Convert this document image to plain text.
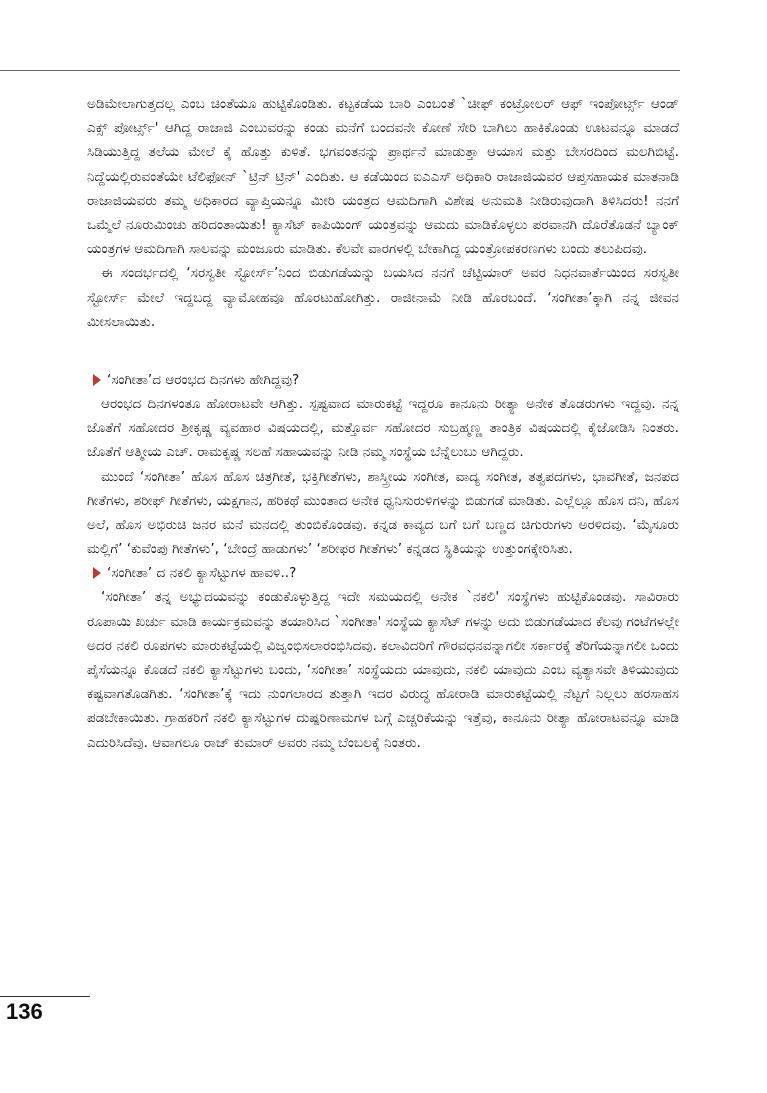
ಅಡಿಮೇಲಾಗುತ್ತದಲ್ಲ ಎಂಬ ಚಿಂತೆಯೂ ಹುಟ್ಟಿಕೊಂಡಿತು. ಕಟ್ಟಕಡೆಯ ಬಾರಿ ಎಂಬಂತೆ `ಚೀಫ್ ಕಂಟ್ರೋಲರ್ ಆಫ್ ಇಂಪೋರ್ಟ್ಸ್ ಆಂಡ್ ಎಕ್ಸ್ ಪೋರ್ಟ್ಸ್' ಆಗಿದ್ದ ರಾಜಾಜಿ ಎಂಬುವರನ್ನು ಕಂಡು ಮನೆಗೆ ಬಂದವನೇ ಕೋಣೆ ಸೇರಿ ಬಾಗಿಲು ಹಾಕಿಕೊಂಡು ಊಟವನ್ನೂ ಮಾಡದೆ ಸಿಡಿಯುತ್ತಿದ್ದ ತಲೆಯ ಮೇಲೆ ಕೈ ಹೊತ್ತು ಕುಳಿತೆ. ಭಗವಂತನನ್ನು ಪ್ರಾರ್ಥನೆ ಮಾಡುತ್ತಾ ಆಯಾಸ ಮತ್ತು ಬೇಸರದಿಂದ ಮಲಗಿಬಿಟ್ಟೆ. ನಿದ್ದೆಯಲ್ಲಿರುವಂತೆಯೇ ಟೆಲಿಫೋನ್ `ಟ್ರಿನ್ ಟ್ರಿನ್' ಎಂದಿತು. ಆ ಕಡೆಯಿಂದ ಐಎಎಸ್ ಅಧಿಕಾರಿ ರಾಜಾಜಿಯವರ ಆಪ್ತಸಹಾಯಕ ಮಾತನಾಡಿ ರಾಜಾಜಿಯವರು ತಮ್ಮ ಅಧಿಕಾರದ ವ್ಯಾಪ್ತಿಯನ್ನೂ ಮೀರಿ ಯಂತ್ರದ ಆಮದಿಗಾಗಿ ವಿಶೇಷ ಅನುಮತಿ ನೀಡಿರುವುದಾಗಿ ತಿಳಿಸಿದರು! ನನಗೆ ಒಮ್ಮೆಲೆ ನೂರುಮಿಂಚು ಹರಿದಂತಾಯಿತು! ಕ್ಯಾಸೆಟ್ ಕಾಪಿಯಿಂಗ್ ಯಂತ್ರವನ್ನು ಆಮದು ಮಾಡಿಕೊಳ್ಳಲು ಪರವಾನಗಿ ದೊರೆತೊಡನೆ ಬ್ಯಾಂಕ್ ಯಂತ್ರಗಳ ಆಮದಿಗಾಗಿ ಸಾಲವನ್ನು ಮಂಜೂರು ಮಾಡಿತು. ಕೆಲವೇ ವಾರಗಳಲ್ಲಿ ಬೇಕಾಗಿದ್ದ ಯಂತ್ರೋಪಕರಣಗಳು ಬಂದು ತಲುಪಿದವು.

ಈ ಸಂದರ್ಭದಲ್ಲಿ ‘ಸರಸ್ವತೀ ಸ್ಟೋರ್ಸ್’ನಿಂದ ಬಿಡುಗಡೆಯನ್ನು ಬಯಸಿದ ನನಗೆ ಚೆಟ್ಟಿಯಾರ್ ಅವರ ನಿಧನವಾರ್ತೆಯಿಂದ ಸರಸ್ವತೀ ಸ್ಟೋರ್ಸ್ ಮೇಲೆ ಇದ್ದಬದ್ದ ವ್ಯಾಮೋಹವೂ ಹೊರಟುಹೋಗಿತ್ತು. ರಾಜೀನಾಮೆ ನೀಡಿ ಹೊರಬಂದೆ. ‘ಸಂಗೀತಾ’ಕ್ಕಾಗಿ ನನ್ನ ಜೀವನ ಮೀಸಲಾಯಿತು.

‘ಸಂಗೀತಾ’ದ ಆರಂಭದ ದಿನಗಳು ಹೇಗಿದ್ದವು?

ಆರಂಭದ ದಿನಗಳಂತೂ ಹೋರಾಟವೇ ಆಗಿತ್ತು. ಸ್ಪಷ್ಟವಾದ ಮಾರುಕಟ್ಟೆ ಇದ್ದರೂ ಕಾನೂನು ರೀತ್ಯಾ ಅನೇಕ ತೊಡರುಗಳು ಇದ್ದವು. ನನ್ನ ಜೊತೆಗೆ ಸಹೋದರ ಶ್ರೀಕೃಷ್ಣ ವ್ಯವಹಾರ ವಿಷಯದಲ್ಲಿ, ಮತ್ತೊರ್ವ ಸಹೋದರ ಸುಬ್ರಹ್ಮಣ್ಣ ತಾಂತ್ರಿಕ ವಿಷಯದಲ್ಲಿ ಕೈಜೋಡಿಸಿ ನಿಂತರು. ಜೊತೆಗೆ ಆತ್ಮೀಯ ಎಚ್. ರಾಮಕೃಷ್ಣ ಸಲಹೆ ಸಹಾಯವನ್ನು ನೀಡಿ ನಮ್ಮ ಸಂಸ್ಥೆಯ ಬೆನ್ನೆಲುಬು ಆಗಿದ್ದರು.

ಮುಂದೆ ‘ಸಂಗೀತಾ’ ಹೊಸ ಹೊಸ ಚಿತ್ರಗೀತೆ, ಭಕ್ತಿಗೀತೆಗಳು, ಶಾಸ್ತ್ರೀಯ ಸಂಗೀತ, ವಾದ್ಯ ಸಂಗೀತ, ತತ್ವಪದಗಳು, ಭಾವಗೀತೆ, ಜನಪದ ಗೀತೆಗಳು, ಶರೀಫ್ ಗೀತೆಗಳು, ಯಕ್ಷಗಾನ, ಹರಿಕಥೆ ಮುಂತಾದ ಅನೇಕ ಧ್ವನಿಸುರುಳಿಗಳನ್ನು ಬಿಡುಗಡೆ ಮಾಡಿತು. ಎಲ್ಲೆಲ್ಲೂ ಹೊಸ ದನಿ, ಹೊಸ ಅಲೆ, ಹೊಸ ಅಭಿರುಚಿ ಜನರ ಮನೆ ಮನದಲ್ಲಿ ತುಂಬಿಕೊಂಡವು. ಕನ್ನಡ ಕಾವ್ಯದ ಬಗೆ ಬಗೆ ಬಣ್ಣದ ಚಿಗುರುಗಳು ಅರಳಿದವು. ‘ಮೈಸೂರು ಮಲ್ಲಿಗೆ’ ‘ಕುವೆಂಪು ಗೀತೆಗಳು’, ‘ಬೇಂದ್ರೆ ಹಾಡುಗಳು’ ‘ಶರೀಫರ ಗೀತೆಗಳು’ ಕನ್ನಡದ ಸ್ಥಿತಿಯನ್ನು ಉತ್ತುಂಗಕ್ಕೇರಿಸಿತು.

‘ಸಂಗೀತಾ’ ದ ನಕಲಿ ಕ್ಯಾಸೆಟ್ಟುಗಳ ಹಾವಳಿ..?

‘ಸಂಗೀತಾ’ ತನ್ನ ಅಭ್ಯುದಯವನ್ನು ಕಂಡುಕೊಳ್ಳುತ್ತಿದ್ದ ಇದೇ ಸಮಯದಲ್ಲಿ ಅನೇಕ `ನಕಲಿ' ಸಂಸ್ಥೆಗಳು ಹುಟ್ಟಿಕೊಂಡವು. ಸಾವಿರಾರು ರೂಪಾಯಿ ಖರ್ಚು ಮಾಡಿ ಕಾರ್ಯಕ್ರಮವನ್ನು ತಯಾರಿಸಿದ `ಸಂಗೀತಾ' ಸಂಸ್ಥೆಯ ಕ್ಯಾಸೆಟ್ ಗಳನ್ನು ಅದು ಬಿಡುಗಡೆಯಾದ ಕೆಲವು ಗಂಟೆಗಳಲ್ಲೇ ಅದರ ನಕಲಿ ರೂಪಗಳು ಮಾರುಕಟ್ಟೆಯಲ್ಲಿ ವಿಜೃಂಭಿಸಲಾರಂಭಿಸಿದವು. ಕಲಾವಿದರಿಗೆ ಗೌರವಧನವನ್ನಾಗಲೀ ಸರ್ಕಾರಕ್ಕೆ ತೆರಿಗೆಯನ್ನಾಗಲೀ ಒಂದು ಪೈಸೆಯನ್ನೂ ಕೊಡದೆ ನಕಲಿ ಕ್ಯಾಸೆಟ್ಟುಗಳು ಬಂದು, ‘ಸಂಗೀತಾ’ ಸಂಸ್ಥೆಯದು ಯಾವುದು, ನಕಲಿ ಯಾವುದು ಎಂಬ ವ್ಯತ್ಯಾಸವೇ ತಿಳಿಯುವುದು ಕಷ್ಟವಾಗತೊಡಗಿತು. ‘ಸಂಗೀತಾ’ಕ್ಕೆ ಇದು ನುಂಗಲಾರದ ತುತ್ತಾಗಿ ಇದರ ವಿರುದ್ಧ ಹೋರಾಡಿ ಮಾರುಕಟ್ಟೆಯಲ್ಲಿ ನೆಟ್ಟಗೆ ನಿಲ್ಲಲು ಹರಸಾಹಸ ಪಡಬೇಕಾಯಿತು. ಗ್ರಾಹಕರಿಗೆ ನಕಲಿ ಕ್ಯಾಸೆಟ್ಟುಗಳ ದುಷ್ಪರಿಣಾಮಗಳ ಬಗ್ಗೆ ಎಚ್ಚರಿಕೆಯನ್ನು ಇತ್ತೆವು, ಕಾನೂನು ರೀತ್ಯಾ ಹೋರಾಟವನ್ನೂ ಮಾಡಿ ಎದುರಿಸಿದೆವು. ಆವಾಗಲೂ ರಾಜ್ ಕುಮಾರ್ ಅವರು ನಮ್ಮ ಬೆಂಬಲಕ್ಕೆ ನಿಂತರು.

136
